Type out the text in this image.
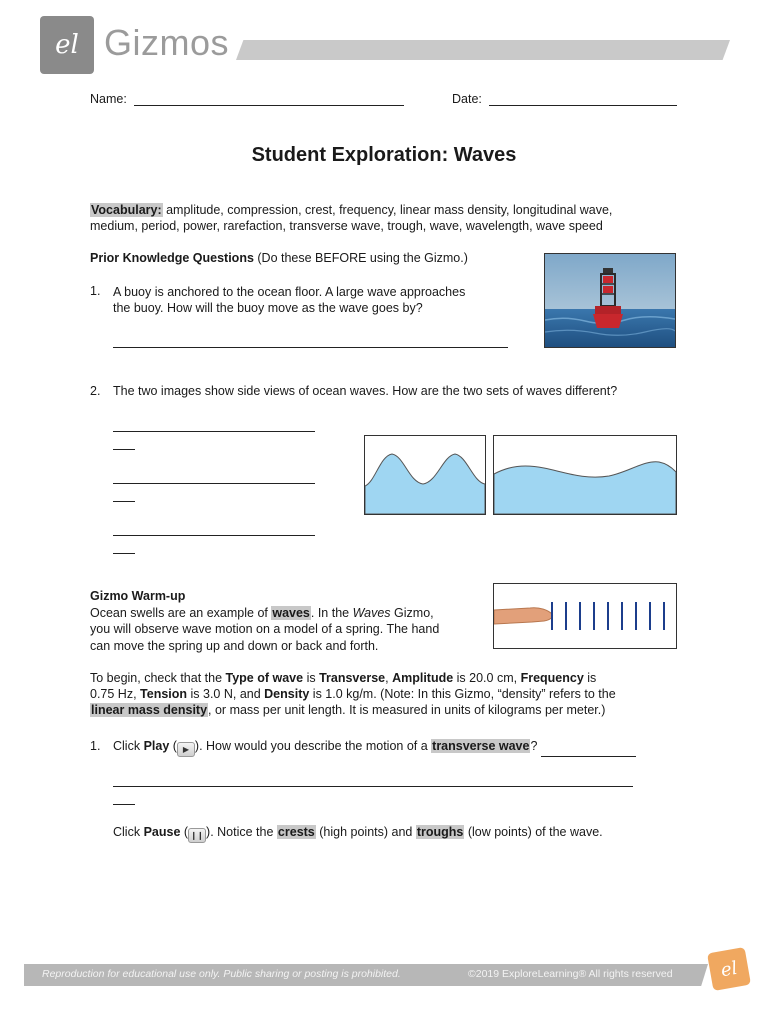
el Gizmos
Name:	Date:
Student Exploration: Waves

Vocabulary: amplitude, compression, crest, frequency, linear mass density, longitudinal wave,

medium, period, power, rarefaction, transverse wave, trough, wave, wavelength, wave speed

Prior Knowledge Questions (Do these BEFORE using the Gizmo.)
1. A buoy is anchored to the ocean floor. A large wave approaches

the buoy. How will the buoy move as the wave goes by?

2. The two images show side views of ocean waves. How are the two sets of waves different?

Gizmo Warm-up

Ocean swells are an example of waves. In the Waves Gizmo,

you will observe wave motion on a model of a spring. The hand

can move the spring up and down or back and forth.

To begin, check that the Type of wave is Transverse, Amplitude is 20.0 cm, Frequency is

0.75 Hz, Tension is 3.0 N, and Density is 1.0 kg/m. (Note: In this Gizmo, “density” refers to the

linear mass density, or mass per unit length. It is measured in units of kilograms per meter.)

1. Click Play ( ▶ ). How would you describe the motion of a transverse wave?
Click Pause ( ❙❙ ). Notice the crests (high points) and troughs (low points) of the wave.
Reproduction for educational use only. Public sharing or posting is prohibited.	©2019 ExploreLearning® All rights reserved	el
